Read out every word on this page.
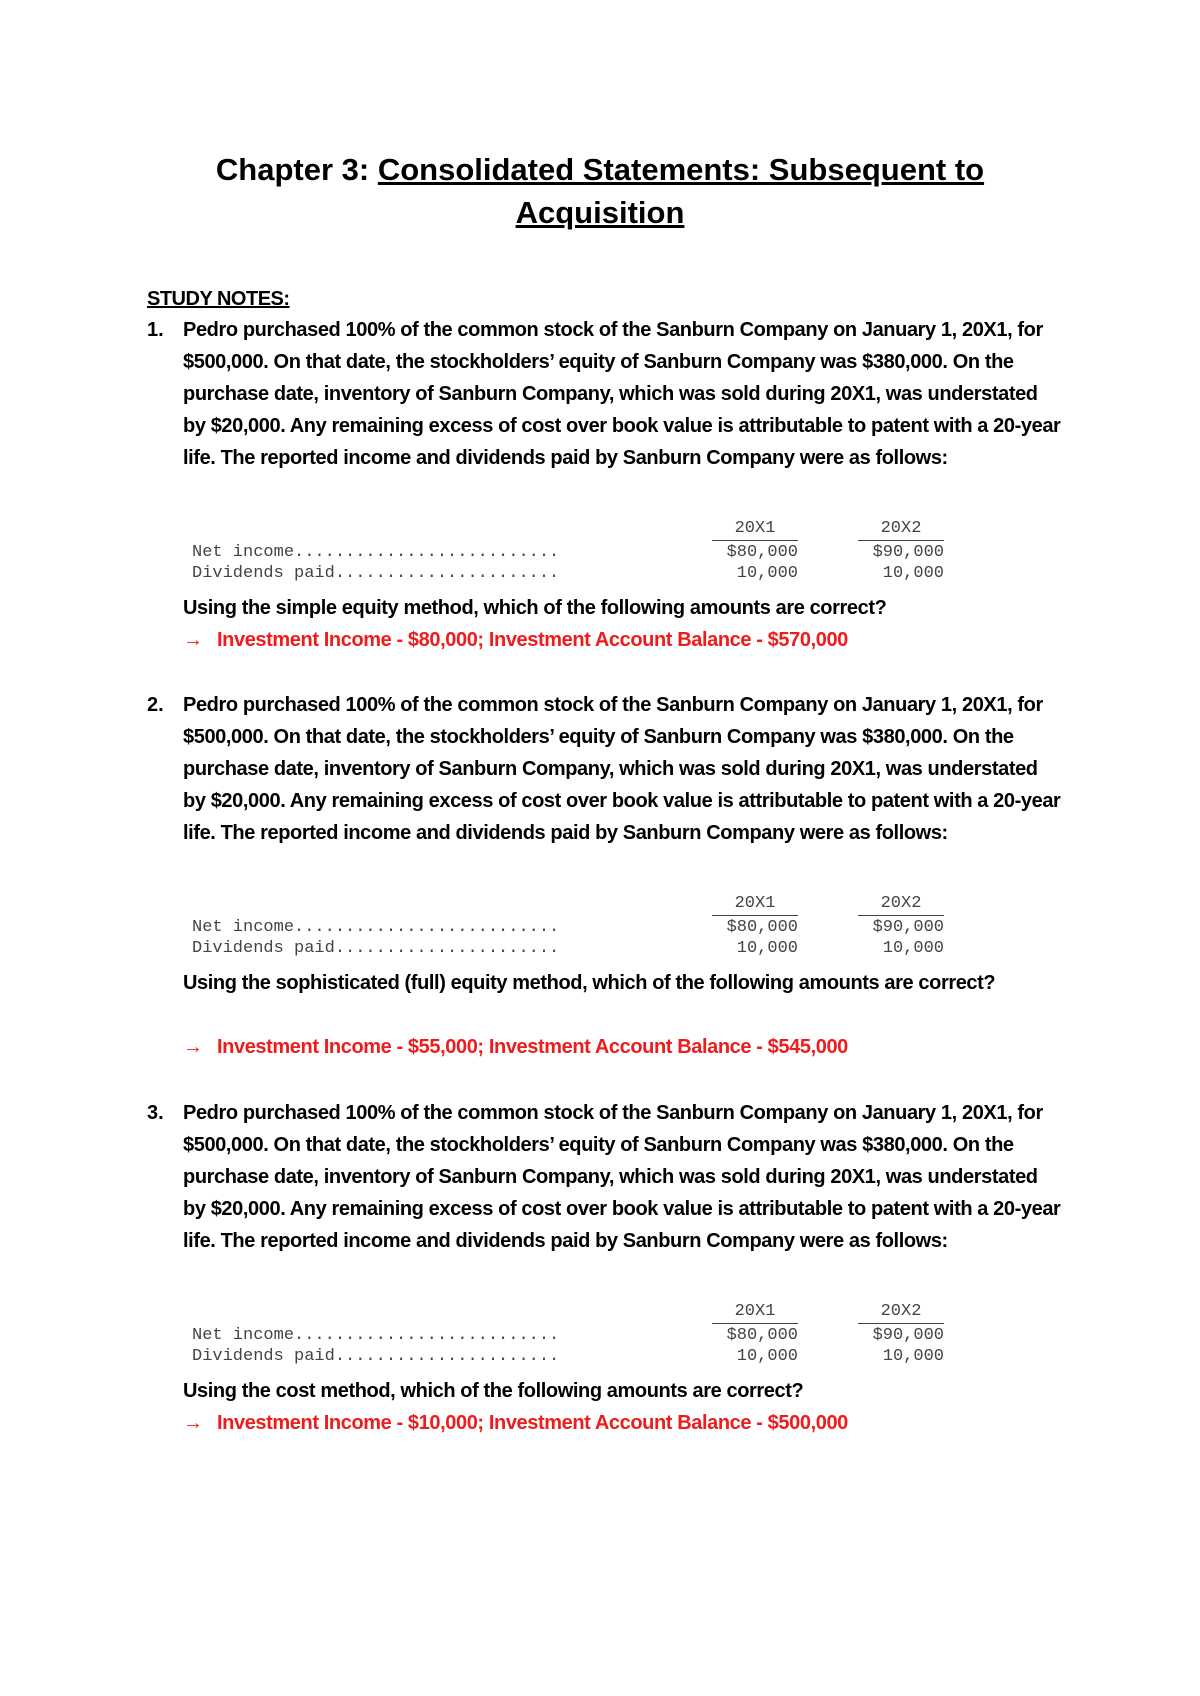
Chapter 3: Consolidated Statements: Subsequent to
Acquisition
STUDY NOTES:
1. Pedro purchased 100% of the common stock of the Sanburn Company on January 1, 20X1, for $500,000. On that date, the stockholders’ equity of Sanburn Company was $380,000. On the purchase date, inventory of Sanburn Company, which was sold during 20X1, was understated by $20,000. Any remaining excess of cost over book value is attributable to patent with a 20-year life. The reported income and dividends paid by Sanburn Company were as follows:
20X1	20X2
Net income..........................	$80,000	$90,000
Dividends paid......................	10,000	10,000
Using the simple equity method, which of the following amounts are correct?
→ Investment Income - $80,000; Investment Account Balance - $570,000
2. Pedro purchased 100% of the common stock of the Sanburn Company on January 1, 20X1, for $500,000. On that date, the stockholders’ equity of Sanburn Company was $380,000. On the purchase date, inventory of Sanburn Company, which was sold during 20X1, was understated by $20,000. Any remaining excess of cost over book value is attributable to patent with a 20-year life. The reported income and dividends paid by Sanburn Company were as follows:
20X1	20X2
Net income..........................	$80,000	$90,000
Dividends paid......................	10,000	10,000
Using the sophisticated (full) equity method, which of the following amounts are correct?
→ Investment Income - $55,000; Investment Account Balance - $545,000
3. Pedro purchased 100% of the common stock of the Sanburn Company on January 1, 20X1, for $500,000. On that date, the stockholders’ equity of Sanburn Company was $380,000. On the purchase date, inventory of Sanburn Company, which was sold during 20X1, was understated by $20,000. Any remaining excess of cost over book value is attributable to patent with a 20-year life. The reported income and dividends paid by Sanburn Company were as follows:
20X1	20X2
Net income..........................	$80,000	$90,000
Dividends paid......................	10,000	10,000
Using the cost method, which of the following amounts are correct?
→ Investment Income - $10,000; Investment Account Balance - $500,000
